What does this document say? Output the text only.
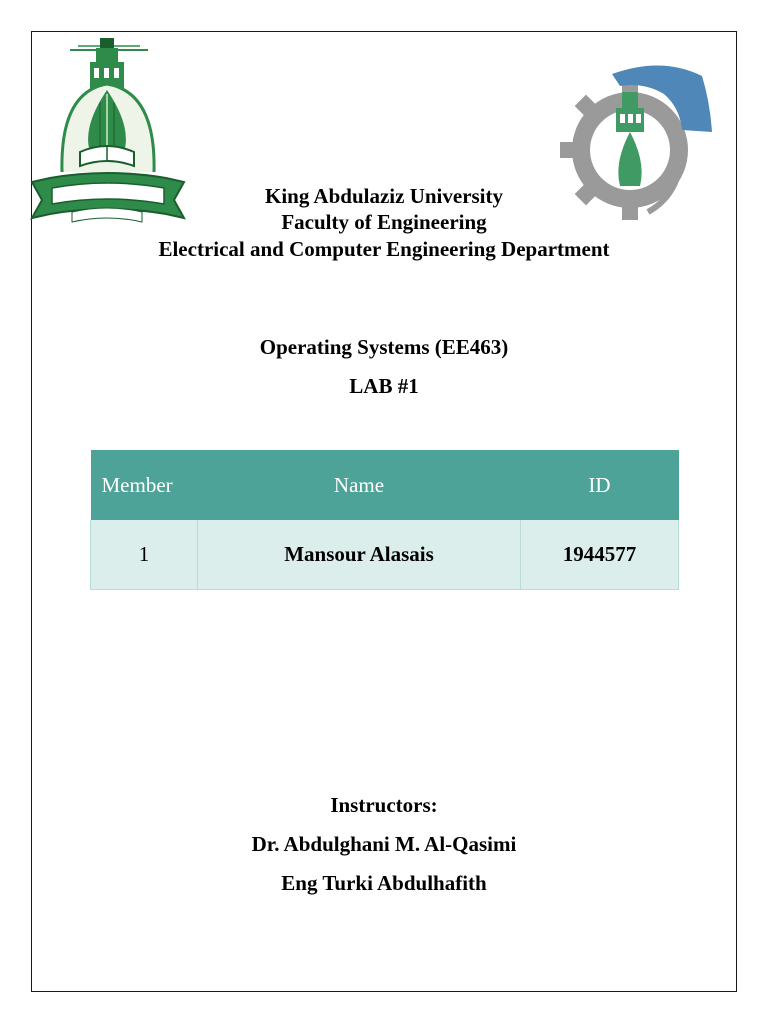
King Abdulaziz University
Faculty of Engineering
Electrical and Computer Engineering Department
Operating Systems (EE463)
LAB #1
Member	Name	ID
1	Mansour Alasais	1944577
Instructors:
Dr. Abdulghani M. Al-Qasimi
Eng Turki Abdulhafith
